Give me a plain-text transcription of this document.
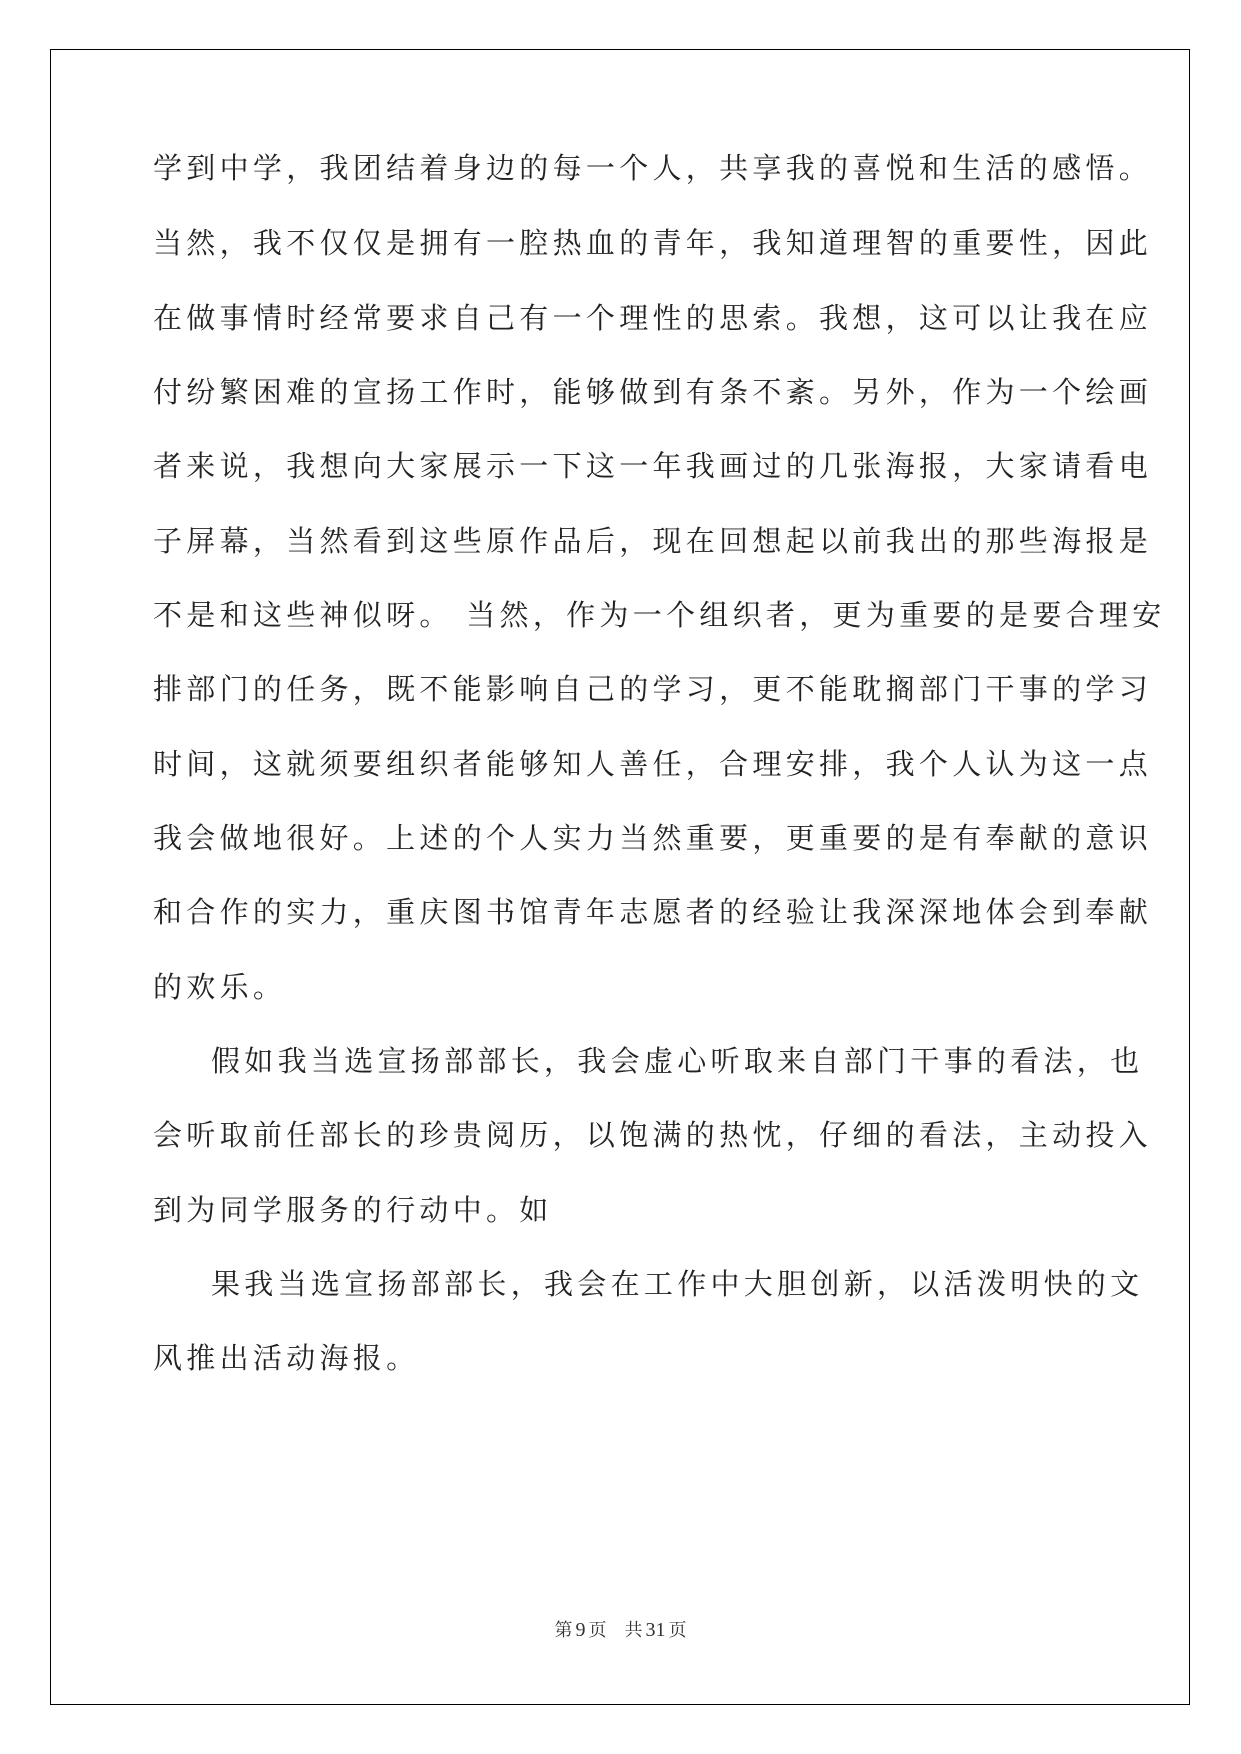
学到中学，我团结着身边的每一个人，共享我的喜悦和生活的感悟。
当然，我不仅仅是拥有一腔热血的青年，我知道理智的重要性，因此
在做事情时经常要求自己有一个理性的思索。我想，这可以让我在应
付纷繁困难的宣扬工作时，能够做到有条不紊。另外，作为一个绘画
者来说，我想向大家展示一下这一年我画过的几张海报，大家请看电
子屏幕，当然看到这些原作品后，现在回想起以前我出的那些海报是
不是和这些神似呀。 当然，作为一个组织者，更为重要的是要合理安
排部门的任务，既不能影响自己的学习，更不能耽搁部门干事的学习
时间，这就须要组织者能够知人善任，合理安排，我个人认为这一点
我会做地很好。上述的个人实力当然重要，更重要的是有奉献的意识
和合作的实力，重庆图书馆青年志愿者的经验让我深深地体会到奉献
的欢乐。
假如我当选宣扬部部长，我会虚心听取来自部门干事的看法，也
会听取前任部长的珍贵阅历，以饱满的热忱，仔细的看法，主动投入
到为同学服务的行动中。如
果我当选宣扬部部长，我会在工作中大胆创新，以活泼明快的文
风推出活动海报。
第 9 页 共 31 页
